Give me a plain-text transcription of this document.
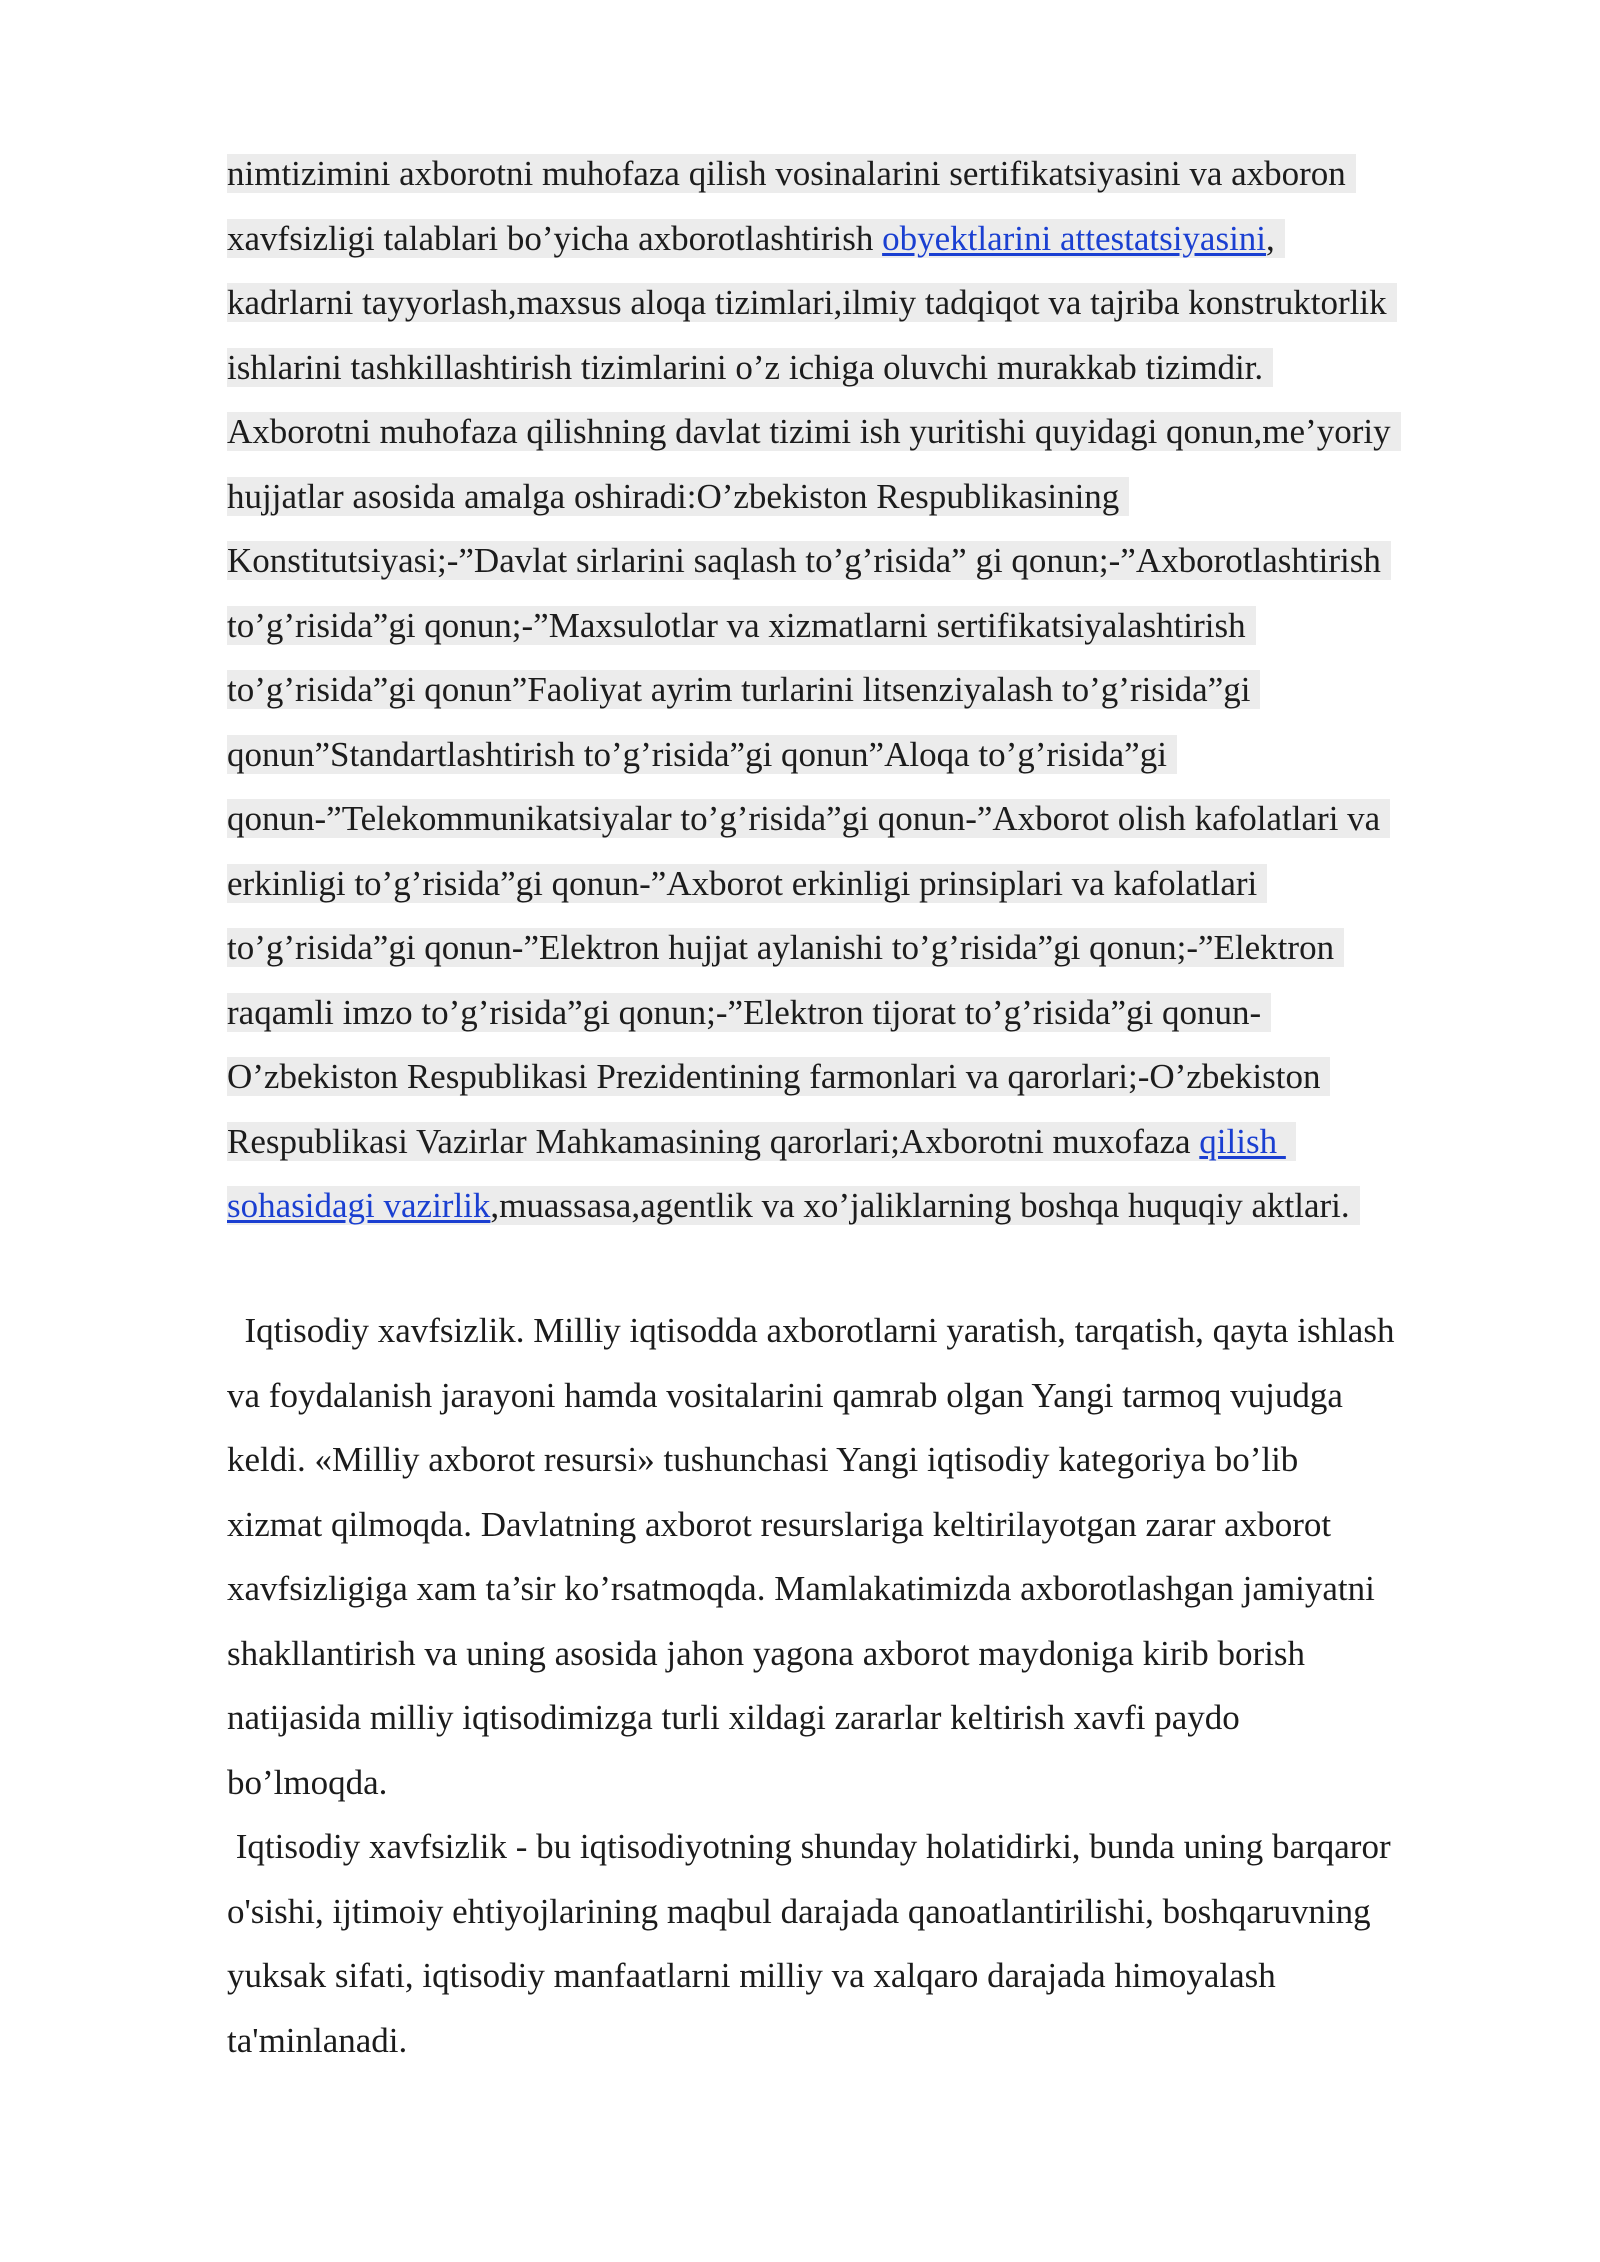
nimtizimini axborotni muhofaza qilish vosinalarini sertifikatsiyasini va axboron
xavfsizligi talablari bo’yicha axborotlashtirish obyektlarini attestatsiyasini,
kadrlarni tayyorlash,maxsus aloqa tizimlari,ilmiy tadqiqot va tajriba konstruktorlik
ishlarini tashkillashtirish tizimlarini o’z ichiga oluvchi murakkab tizimdir.
Axborotni muhofaza qilishning davlat tizimi ish yuritishi quyidagi qonun,me’yoriy
hujjatlar asosida amalga oshiradi:O’zbekiston Respublikasining
Konstitutsiyasi;-”Davlat sirlarini saqlash to’g’risida” gi qonun;-”Axborotlashtirish
to’g’risida”gi qonun;-”Maxsulotlar va xizmatlarni sertifikatsiyalashtirish
to’g’risida”gi qonun”Faoliyat ayrim turlarini litsenziyalash to’g’risida”gi
qonun”Standartlashtirish to’g’risida”gi qonun”Aloqa to’g’risida”gi
qonun-”Telekommunikatsiyalar to’g’risida”gi qonun-”Axborot olish kafolatlari va
erkinligi to’g’risida”gi qonun-”Axborot erkinligi prinsiplari va kafolatlari
to’g’risida”gi qonun-”Elektron hujjat aylanishi to’g’risida”gi qonun;-”Elektron
raqamli imzo to’g’risida”gi qonun;-”Elektron tijorat to’g’risida”gi qonun-
O’zbekiston Respublikasi Prezidentining farmonlari va qarorlari;-O’zbekiston
Respublikasi Vazirlar Mahkamasining qarorlari;Axborotni muxofaza qilish
sohasidagi vazirlik,muassasa,agentlik va xo’jaliklarning boshqa huquqiy aktlari.
Iqtisodiy xavfsizlik. Milliy iqtisodda axborotlarni yaratish, tarqatish, qayta ishlash
va foydalanish jarayoni hamda vositalarini qamrab olgan Yangi tarmoq vujudga
keldi. «Milliy axborot resursi» tushunchasi Yangi iqtisodiy kategoriya bo’lib
xizmat qilmoqda. Davlatning axborot resurslariga keltirilayotgan zarar axborot
xavfsizligiga xam ta’sir ko’rsatmoqda. Mamlakatimizda axborotlashgan jamiyatni
shakllantirish va uning asosida jahon yagona axborot maydoniga kirib borish
natijasida milliy iqtisodimizga turli xildagi zararlar keltirish xavfi paydo
bo’lmoqda.
Iqtisodiy xavfsizlik - bu iqtisodiyotning shunday holatidirki, bunda uning barqaror
o'sishi, ijtimoiy ehtiyojlarining maqbul darajada qanoatlantirilishi, boshqaruvning
yuksak sifati, iqtisodiy manfaatlarni milliy va xalqaro darajada himoyalash
ta'minlanadi.
